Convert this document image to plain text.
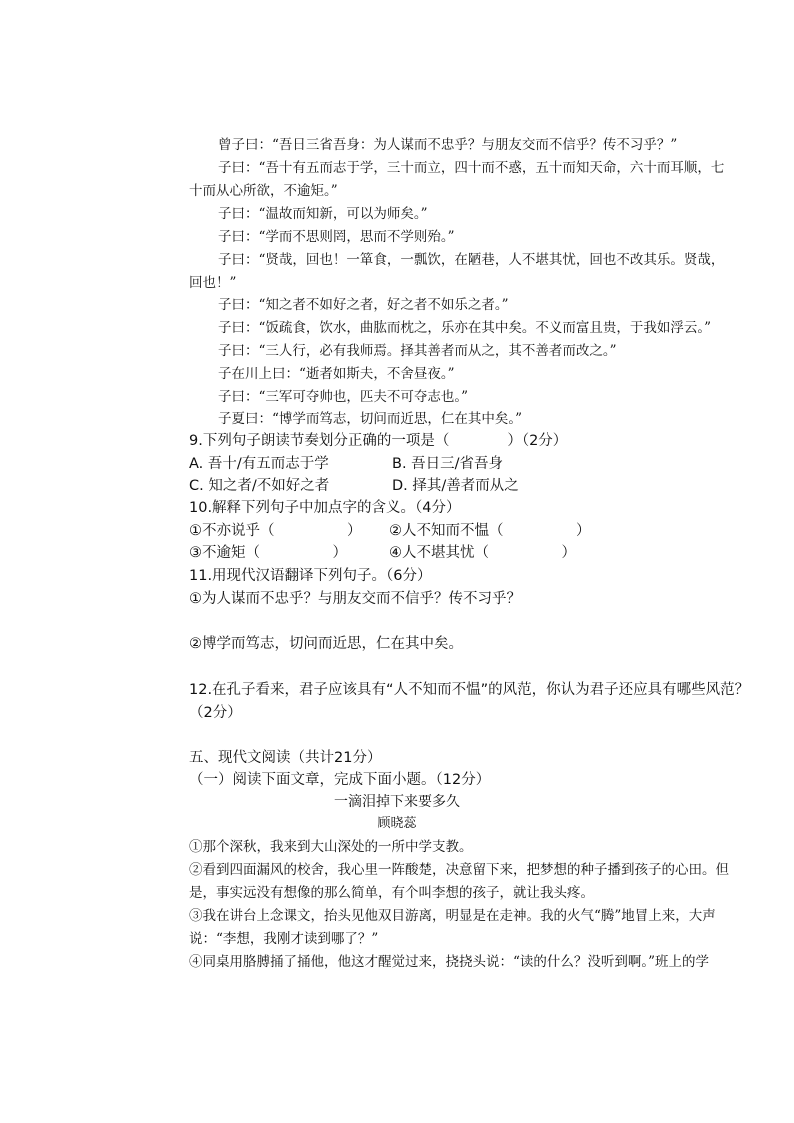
曾子曰：“吾日三省吾身：为人谋而不忠乎？与朋友交而不信乎？传不习乎？”
子曰：“吾十有五而志于学，三十而立，四十而不惑，五十而知天命，六十而耳顺，七
十而从心所欲，不逾矩。”
子曰：“温故而知新，可以为师矣。”
子曰：“学而不思则罔，思而不学则殆。”
子曰：“贤哉，回也！一箪食，一瓢饮，在陋巷，人不堪其忧，回也不改其乐。贤哉，
回也！”
子曰：“知之者不如好之者，好之者不如乐之者。”
子曰：“饭疏食，饮水，曲肱而枕之，乐亦在其中矣。不义而富且贵，于我如浮云。”
子曰：“三人行，必有我师焉。择其善者而从之，其不善者而改之。”
子在川上曰：“逝者如斯夫，不舍昼夜。”
子曰：“三军可夺帅也，匹夫不可夺志也。”
子夏曰：“博学而笃志，切问而近思，仁在其中矣。”
9.下列句子朗读节奏划分正确的一项是（　　　　）（2分）
A. 吾十/有五而志于学	B. 吾日三/省吾身
C. 知之者/不如好之者	D. 择其/善者而从之
10.解释下列句子中加点字的含义。（4分）
①不亦说乎（　　　　　） ②人不知而不愠（　　　　　）
③不逾矩（　　　　　）	④人不堪其忧（　　　　　）
11.用现代汉语翻译下列句子。（6分）
①为人谋而不忠乎？与朋友交而不信乎？传不习乎？
②博学而笃志，切问而近思，仁在其中矣。
12.在孔子看来，君子应该具有“人不知而不愠”的风范，你认为君子还应具有哪些风范？
（2分）
五、现代文阅读（共计21分）
（一）阅读下面文章，完成下面小题。（12分）
一滴泪掉下来要多久
顾晓蕊
①那个深秋，我来到大山深处的一所中学支教。
②看到四面漏风的校舍，我心里一阵酸楚，决意留下来，把梦想的种子播到孩子的心田。但
是，事实远没有想像的那么简单，有个叫李想的孩子，就让我头疼。
③我在讲台上念课文，抬头见他双目游离，明显是在走神。我的火气“腾”地冒上来，大声
说：“李想，我刚才读到哪了？”
④同桌用胳膊捅了捅他，他这才醒觉过来，挠挠头说：“读的什么？没听到啊。”班上的学
